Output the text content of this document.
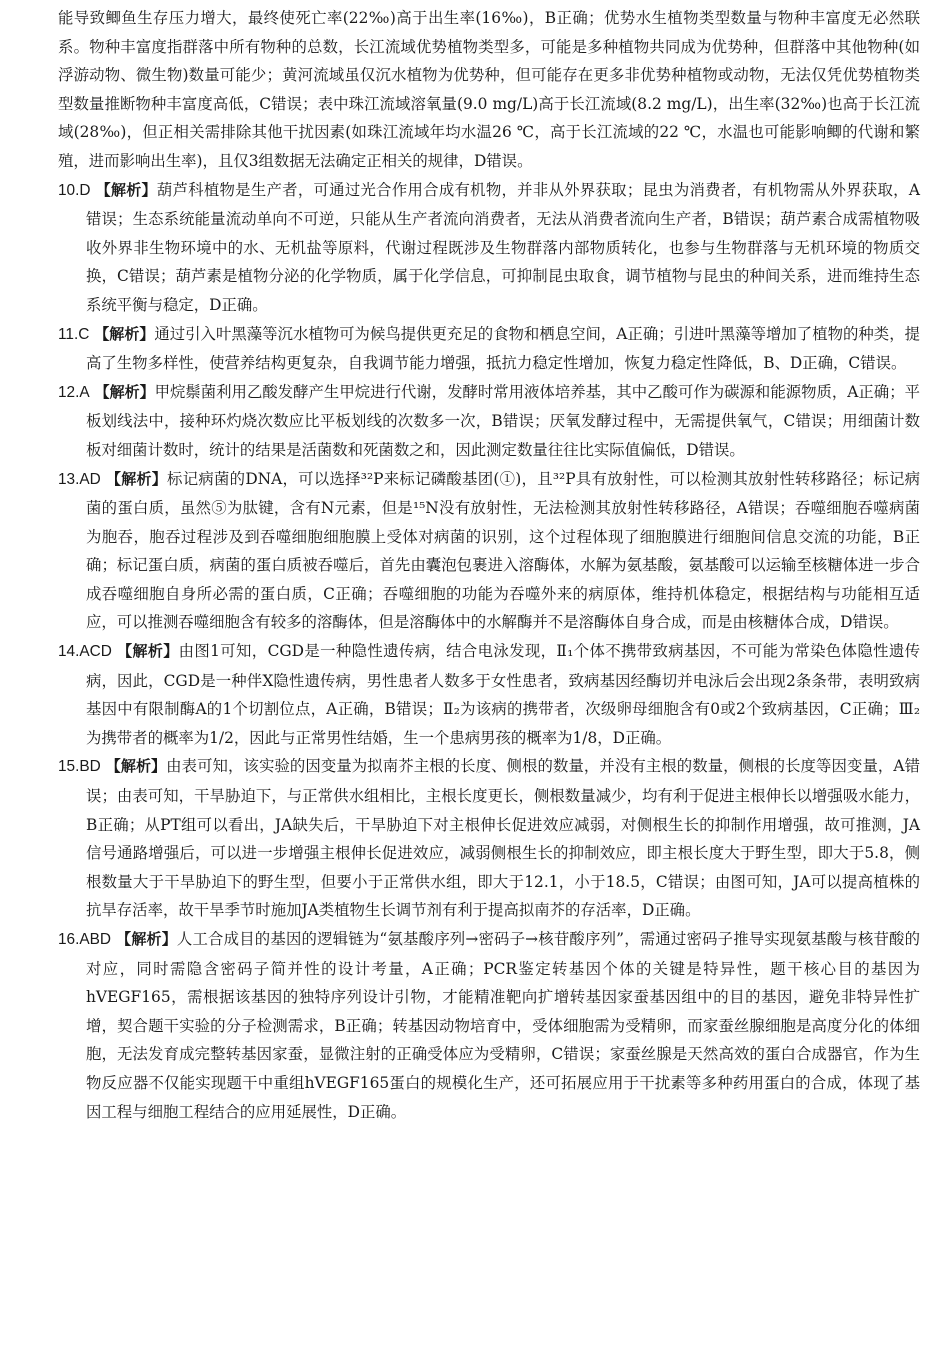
能导致鲫鱼生存压力增大，最终使死亡率(22‰)高于出生率(16‰)，B正确；优势水生植物类型数量与物种丰富度无必然联系。物种丰富度指群落中所有物种的总数，长江流域优势植物类型多，可能是多种植物共同成为优势种，但群落中其他物种(如浮游动物、微生物)数量可能少；黄河流域虽仅沉水植物为优势种，但可能存在更多非优势种植物或动物，无法仅凭优势植物类型数量推断物种丰富度高低，C错误；表中珠江流域溶氧量(9.0 mg/L)高于长江流域(8.2 mg/L)，出生率(32‰)也高于长江流域(28‰)，但正相关需排除其他干扰因素(如珠江流域年均水温26 ℃，高于长江流域的22 ℃，水温也可能影响鲫的代谢和繁殖，进而影响出生率)，且仅3组数据无法确定正相关的规律，D错误。

10.D 【解析】葫芦科植物是生产者，可通过光合作用合成有机物，并非从外界获取；昆虫为消费者，有机物需从外界获取，A错误；生态系统能量流动单向不可逆，只能从生产者流向消费者，无法从消费者流向生产者，B错误；葫芦素合成需植物吸收外界非生物环境中的水、无机盐等原料，代谢过程既涉及生物群落内部物质转化，也参与生物群落与无机环境的物质交换，C错误；葫芦素是植物分泌的化学物质，属于化学信息，可抑制昆虫取食，调节植物与昆虫的种间关系，进而维持生态系统平衡与稳定，D正确。

11.C 【解析】通过引入叶黑藻等沉水植物可为候鸟提供更充足的食物和栖息空间，A正确；引进叶黑藻等增加了植物的种类，提高了生物多样性，使营养结构更复杂，自我调节能力增强，抵抗力稳定性增加，恢复力稳定性降低，B、D正确，C错误。

12.A 【解析】甲烷鬃菌利用乙酸发酵产生甲烷进行代谢，发酵时常用液体培养基，其中乙酸可作为碳源和能源物质，A正确；平板划线法中，接种环灼烧次数应比平板划线的次数多一次，B错误；厌氧发酵过程中，无需提供氧气，C错误；用细菌计数板对细菌计数时，统计的结果是活菌数和死菌数之和，因此测定数量往往比实际值偏低，D错误。

13.AD 【解析】标记病菌的DNA，可以选择³²P来标记磷酸基团(①)，且³²P具有放射性，可以检测其放射性转移路径；标记病菌的蛋白质，虽然⑤为肽键，含有N元素，但是¹⁵N没有放射性，无法检测其放射性转移路径，A错误；吞噬细胞吞噬病菌为胞吞，胞吞过程涉及到吞噬细胞细胞膜上受体对病菌的识别，这个过程体现了细胞膜进行细胞间信息交流的功能，B正确；标记蛋白质，病菌的蛋白质被吞噬后，首先由囊泡包裹进入溶酶体，水解为氨基酸，氨基酸可以运输至核糖体进一步合成吞噬细胞自身所必需的蛋白质，C正确；吞噬细胞的功能为吞噬外来的病原体，维持机体稳定，根据结构与功能相互适应，可以推测吞噬细胞含有较多的溶酶体，但是溶酶体中的水解酶并不是溶酶体自身合成，而是由核糖体合成，D错误。

14.ACD 【解析】由图1可知，CGD是一种隐性遗传病，结合电泳发现，Ⅱ₁个体不携带致病基因，不可能为常染色体隐性遗传病，因此，CGD是一种伴X隐性遗传病，男性患者人数多于女性患者，致病基因经酶切并电泳后会出现2条条带，表明致病基因中有限制酶A的1个切割位点，A正确，B错误；Ⅱ₂为该病的携带者，次级卵母细胞含有0或2个致病基因，C正确；Ⅲ₂为携带者的概率为1/2，因此与正常男性结婚，生一个患病男孩的概率为1/8，D正确。

15.BD 【解析】由表可知，该实验的因变量为拟南芥主根的长度、侧根的数量，并没有主根的数量，侧根的长度等因变量，A错误；由表可知，干旱胁迫下，与正常供水组相比，主根长度更长，侧根数量减少，均有利于促进主根伸长以增强吸水能力，B正确；从PT组可以看出，JA缺失后，干旱胁迫下对主根伸长促进效应减弱，对侧根生长的抑制作用增强，故可推测，JA信号通路增强后，可以进一步增强主根伸长促进效应，减弱侧根生长的抑制效应，即主根长度大于野生型，即大于5.8，侧根数量大于干旱胁迫下的野生型，但要小于正常供水组，即大于12.1，小于18.5，C错误；由图可知，JA可以提高植株的抗旱存活率，故干旱季节时施加JA类植物生长调节剂有利于提高拟南芥的存活率，D正确。

16.ABD 【解析】人工合成目的基因的逻辑链为“氨基酸序列→密码子→核苷酸序列”，需通过密码子推导实现氨基酸与核苷酸的对应，同时需隐含密码子简并性的设计考量，A正确；PCR鉴定转基因个体的关键是特异性，题干核心目的基因为hVEGF165，需根据该基因的独特序列设计引物，才能精准靶向扩增转基因家蚕基因组中的目的基因，避免非特异性扩增，契合题干实验的分子检测需求，B正确；转基因动物培育中，受体细胞需为受精卵，而家蚕丝腺细胞是高度分化的体细胞，无法发育成完整转基因家蚕，显微注射的正确受体应为受精卵，C错误；家蚕丝腺是天然高效的蛋白合成器官，作为生物反应器不仅能实现题干中重组hVEGF165蛋白的规模化生产，还可拓展应用于干扰素等多种药用蛋白的合成，体现了基因工程与细胞工程结合的应用延展性，D正确。
